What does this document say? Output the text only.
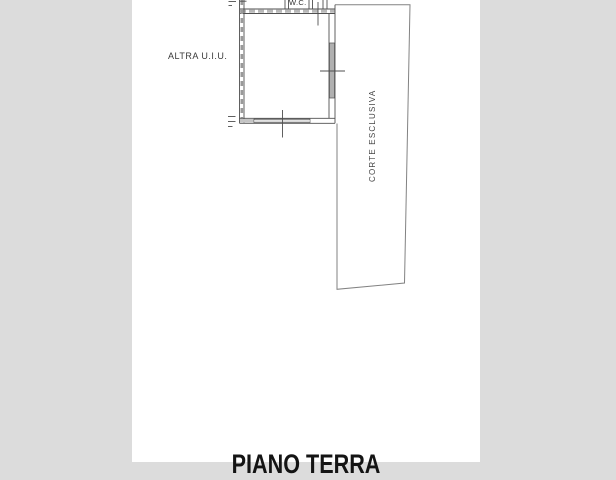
ALTRA U.I.U.
W.C.
CORTE ESCLUSIVA
PIANO TERRA
